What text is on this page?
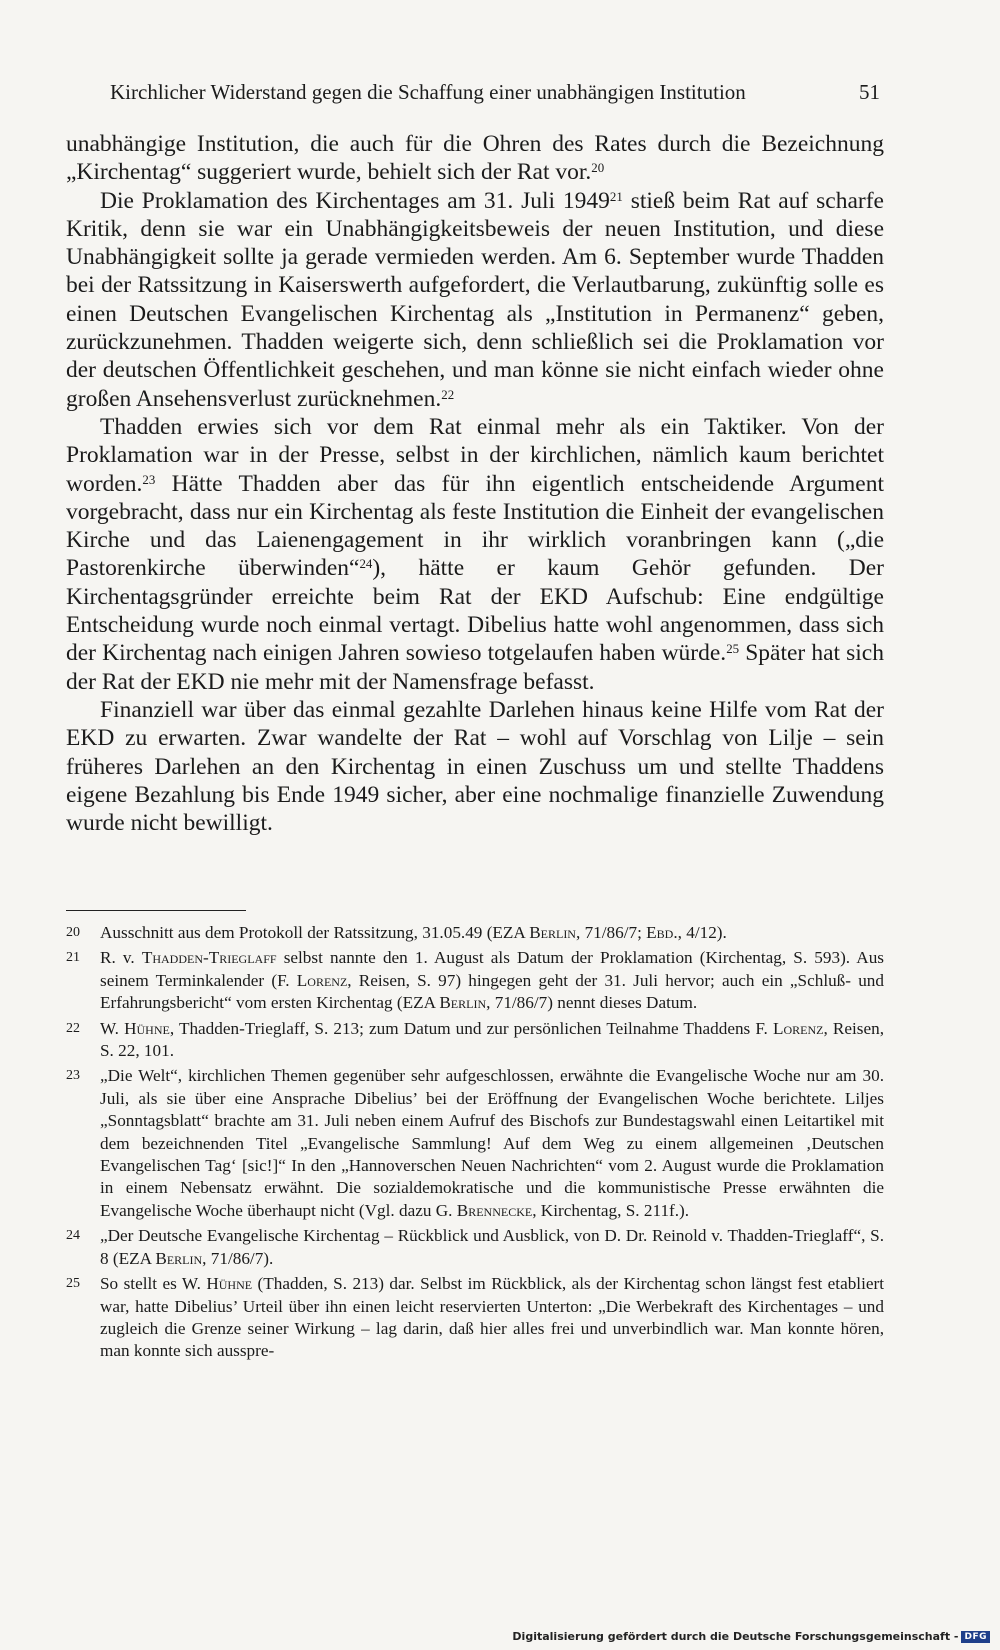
Kirchlicher Widerstand gegen die Schaffung einer unabhängigen Institution	51

unabhängige Institution, die auch für die Ohren des Rates durch die Bezeichnung „Kirchentag“ suggeriert wurde, behielt sich der Rat vor.$^{20}$

Die Proklamation des Kirchentages am 31. Juli 1949$^{21}$ stieß beim Rat auf scharfe Kritik, denn sie war ein Unabhängigkeitsbeweis der neuen Institution, und diese Unabhängigkeit sollte ja gerade vermieden werden. Am 6. September wurde Thadden bei der Ratssitzung in Kaiserswerth aufgefordert, die Verlautbarung, zukünftig solle es einen Deutschen Evangelischen Kirchentag als „Institution in Permanenz“ geben, zurückzunehmen. Thadden weigerte sich, denn schließlich sei die Proklamation vor der deutschen Öffentlichkeit geschehen, und man könne sie nicht einfach wieder ohne großen Ansehensverlust zurücknehmen.$^{22}$

Thadden erwies sich vor dem Rat einmal mehr als ein Taktiker. Von der Proklamation war in der Presse, selbst in der kirchlichen, nämlich kaum berichtet worden.$^{23}$ Hätte Thadden aber das für ihn eigentlich entscheidende Argument vorgebracht, dass nur ein Kirchentag als feste Institution die Einheit der evangelischen Kirche und das Laienengagement in ihr wirklich voranbringen kann („die Pastorenkirche überwinden“$^{24}$), hätte er kaum Gehör gefunden. Der Kirchentagsgründer erreichte beim Rat der EKD Aufschub: Eine endgültige Entscheidung wurde noch einmal vertagt. Dibelius hatte wohl angenommen, dass sich der Kirchentag nach einigen Jahren sowieso totgelaufen haben würde.$^{25}$ Später hat sich der Rat der EKD nie mehr mit der Namensfrage befasst.

Finanziell war über das einmal gezahlte Darlehen hinaus keine Hilfe vom Rat der EKD zu erwarten. Zwar wandelte der Rat – wohl auf Vorschlag von Lilje – sein früheres Darlehen an den Kirchentag in einen Zuschuss um und stellte Thaddens eigene Bezahlung bis Ende 1949 sicher, aber eine nochmalige finanzielle Zuwendung wurde nicht bewilligt.

20	Ausschnitt aus dem Protokoll der Ratssitzung, 31.05.49 (EZA Berlin, 71/86/7; Ebd., 4/12).
21	R. v. Thadden-Trieglaff selbst nannte den 1. August als Datum der Proklamation (Kirchentag, S. 593). Aus seinem Terminkalender (F. Lorenz, Reisen, S. 97) hingegen geht der 31. Juli hervor; auch ein „Schluß- und Erfahrungsbericht“ vom ersten Kirchentag (EZA Berlin, 71/86/7) nennt dieses Datum.
22	W. Hühne, Thadden-Trieglaff, S. 213; zum Datum und zur persönlichen Teilnahme Thaddens F. Lorenz, Reisen, S. 22, 101.
23	„Die Welt“, kirchlichen Themen gegenüber sehr aufgeschlossen, erwähnte die Evangelische Woche nur am 30. Juli, als sie über eine Ansprache Dibelius’ bei der Eröffnung der Evangelischen Woche berichtete. Liljes „Sonntagsblatt“ brachte am 31. Juli neben einem Aufruf des Bischofs zur Bundestagswahl einen Leitartikel mit dem bezeichnenden Titel „Evangelische Sammlung! Auf dem Weg zu einem allgemeinen ‚Deutschen Evangelischen Tag‘ [sic!]“ In den „Hannoverschen Neuen Nachrichten“ vom 2. August wurde die Proklamation in einem Nebensatz erwähnt. Die sozialdemokratische und die kommunistische Presse erwähnten die Evangelische Woche überhaupt nicht (Vgl. dazu G. Brennecke, Kirchentag, S. 211f.).
24	„Der Deutsche Evangelische Kirchentag – Rückblick und Ausblick, von D. Dr. Reinold v. Thadden-Trieglaff“, S. 8 (EZA Berlin, 71/86/7).
25	So stellt es W. Hühne (Thadden, S. 213) dar. Selbst im Rückblick, als der Kirchentag schon längst fest etabliert war, hatte Dibelius’ Urteil über ihn einen leicht reservierten Unterton: „Die Werbekraft des Kirchentages – und zugleich die Grenze seiner Wirkung – lag darin, daß hier alles frei und unverbindlich war. Man konnte hören, man konnte sich ausspre-
Digitalisierung gefördert durch die Deutsche Forschungsgemeinschaft - DFG
